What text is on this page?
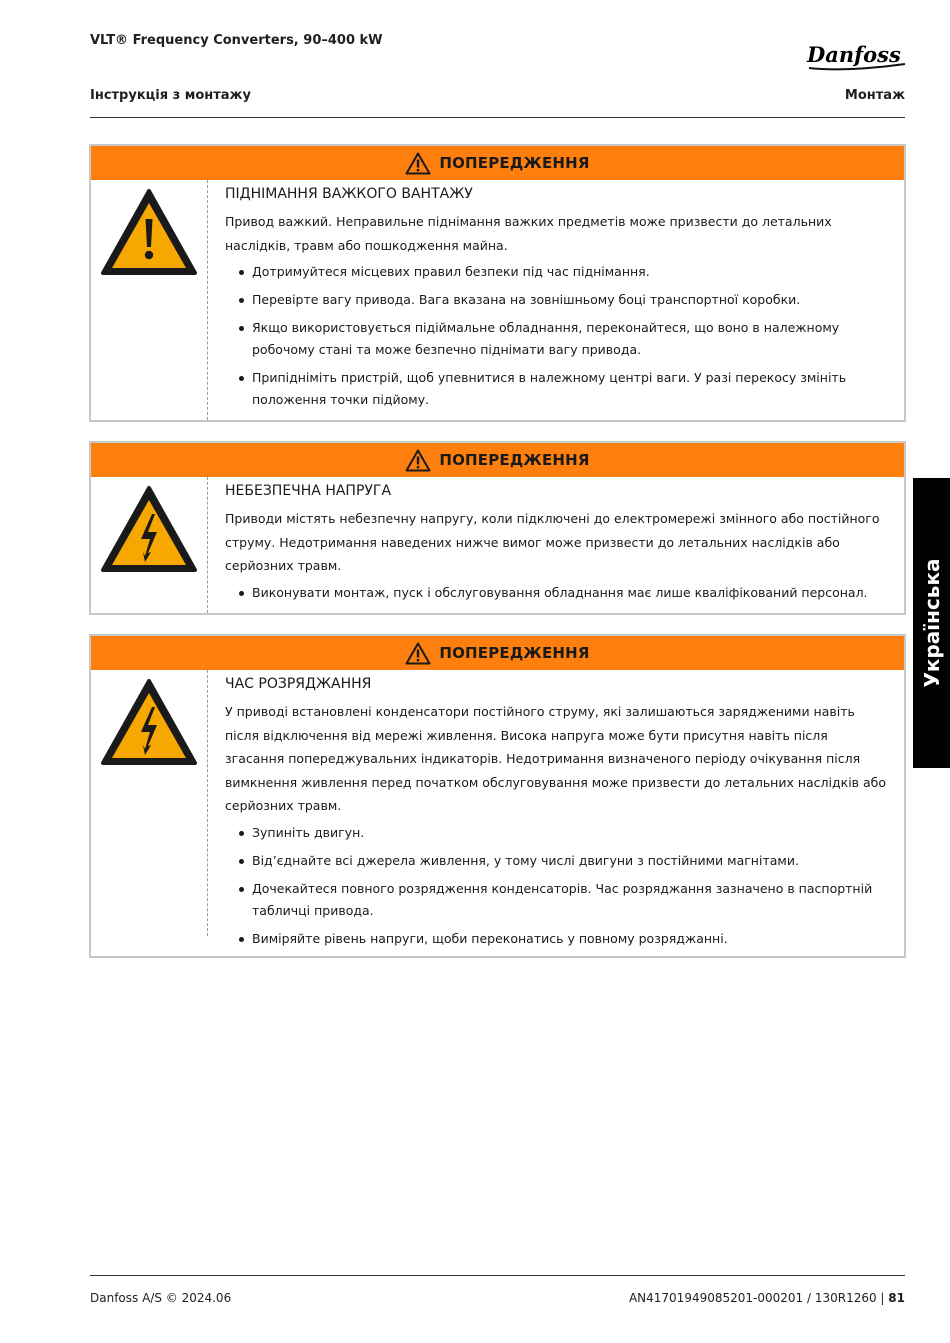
VLT® Frequency Converters, 90–400 kW
Danfoss
Інструкція з монтажу	Монтаж
Українська
ПОПЕРЕДЖЕННЯ
ПІДНІМАННЯ ВАЖКОГО ВАНТАЖУ
Привод важкий. Неправильне піднімання важких предметів може призвести до летальних наслідків, травм або пошкодження майна.
Дотримуйтеся місцевих правил безпеки під час піднімання.
Перевірте вагу привода. Вага вказана на зовнішньому боці транспортної коробки.
Якщо використовується підіймальне обладнання, переконайтеся, що воно в належному робочому стані та може безпечно піднімати вагу привода.
Припідніміть пристрій, щоб упевнитися в належному центрі ваги. У разі перекосу змініть положення точки підйому.
ПОПЕРЕДЖЕННЯ
НЕБЕЗПЕЧНА НАПРУГА
Приводи містять небезпечну напругу, коли підключені до електромережі змінного або постійного струму. Недотримання наведених нижче вимог може призвести до летальних наслідків або серйозних травм.
Виконувати монтаж, пуск і обслуговування обладнання має лише кваліфікований персонал.
ПОПЕРЕДЖЕННЯ
ЧАС РОЗРЯДЖАННЯ
У приводі встановлені конденсатори постійного струму, які залишаються зарядженими навіть після відключення від мережі живлення. Висока напруга може бути присутня навіть після згасання попереджувальних індикаторів. Недотримання визначеного періоду очікування після вимкнення живлення перед початком обслуговування може призвести до летальних наслідків або серйозних травм.
Зупиніть двигун.
Від’єднайте всі джерела живлення, у тому числі двигуни з постійними магнітами.
Дочекайтеся повного розрядження конденсаторів. Час розряджання зазначено в паспортній табличці привода.
Виміряйте рівень напруги, щоби переконатись у повному розряджанні.
Danfoss A/S © 2024.06	AN41701949085201-000201 / 130R1260 | 81
